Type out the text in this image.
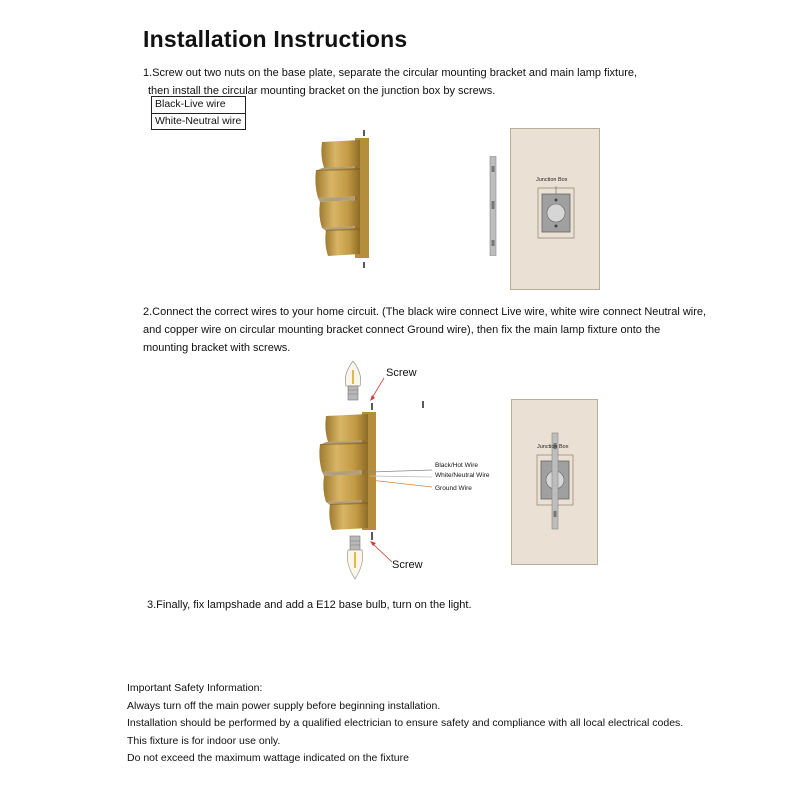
Installation Instructions
1.Screw out two nuts on the base plate, separate the circular mounting bracket and main lamp fixture,
then install the circular mounting bracket on the junction box by screws.
Black-Live wire
White-Neutral wire
Junction Box
2.Connect the correct wires to your home circuit. (The black wire connect Live wire, white wire connect Neutral wire,
and copper wire on circular mounting bracket connect Ground wire), then fix the main lamp fixture onto the
mounting bracket with screws.
Screw
Black/Hot Wire
White/Neutral Wire
Ground Wire
Screw
Junction Box
3.Finally, fix lampshade and add a E12 base bulb, turn on the light.
Important Safety Information:
Always turn off the main power supply before beginning installation.
Installation should be performed by a qualified electrician to ensure safety and compliance with all local electrical codes.
This fixture is for indoor use only.
Do not exceed the maximum wattage indicated on the fixture
